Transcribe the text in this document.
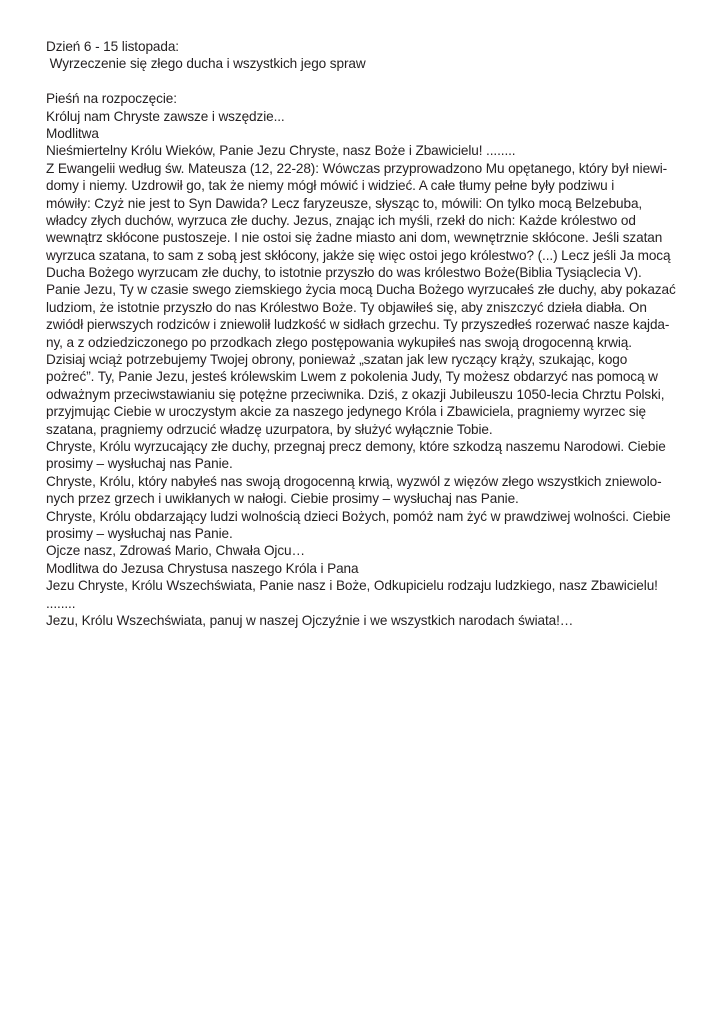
Dzień 6 - 15 listopada:
Wyrzeczenie się złego ducha i wszystkich jego spraw
Pieśń na rozpoczęcie:
Króluj nam Chryste zawsze i wszędzie...
Modlitwa
Nieśmiertelny Królu Wieków, Panie Jezu Chryste, nasz Boże i Zbawicielu! ........
Z Ewangelii według św. Mateusza (12, 22-28): Wówczas przyprowadzono Mu opętanego, który był niewi-
domy i niemy. Uzdrowił go, tak że niemy mógł mówić i widzieć. A całe tłumy pełne były podziwu i
mówiły: Czyż nie jest to Syn Dawida? Lecz faryzeusze, słysząc to, mówili: On tylko mocą Belzebuba,
władcy złych duchów, wyrzuca złe duchy. Jezus, znając ich myśli, rzekł do nich: Każde królestwo od
wewnątrz skłócone pustoszeje. I nie ostoi się żadne miasto ani dom, wewnętrznie skłócone. Jeśli szatan
wyrzuca szatana, to sam z sobą jest skłócony, jakże się więc ostoi jego królestwo? (...) Lecz jeśli Ja mocą
Ducha Bożego wyrzucam złe duchy, to istotnie przyszło do was królestwo Boże(Biblia Tysiąclecia V).
Panie Jezu, Ty w czasie swego ziemskiego życia mocą Ducha Bożego wyrzucałeś złe duchy, aby pokazać
ludziom, że istotnie przyszło do nas Królestwo Boże. Ty objawiłeś się, aby zniszczyć dzieła diabła. On
zwiódł pierwszych rodziców i zniewolił ludzkość w sidłach grzechu. Ty przyszedłeś rozerwać nasze kajda-
ny, a z odziedziczonego po przodkach złego postępowania wykupiłeś nas swoją drogocenną krwią.
Dzisiaj wciąż potrzebujemy Twojej obrony, ponieważ „szatan jak lew ryczący krąży, szukając, kogo
pożreć”. Ty, Panie Jezu, jesteś królewskim Lwem z pokolenia Judy, Ty możesz obdarzyć nas pomocą w
odważnym przeciwstawianiu się potężne przeciwnika. Dziś, z okazji Jubileuszu 1050-lecia Chrztu Polski,
przyjmując Ciebie w uroczystym akcie za naszego jedynego Króla i Zbawiciela, pragniemy wyrzec się
szatana, pragniemy odrzucić władzę uzurpatora, by służyć wyłącznie Tobie.
Chryste, Królu wyrzucający złe duchy, przegnaj precz demony, które szkodzą naszemu Narodowi. Ciebie
prosimy – wysłuchaj nas Panie.
Chryste, Królu, który nabyłeś nas swoją drogocenną krwią, wyzwól z więzów złego wszystkich zniewolo-
nych przez grzech i uwikłanych w nałogi. Ciebie prosimy – wysłuchaj nas Panie.
Chryste, Królu obdarzający ludzi wolnością dzieci Bożych, pomóż nam żyć w prawdziwej wolności. Ciebie
prosimy – wysłuchaj nas Panie.
Ojcze nasz, Zdrowaś Mario, Chwała Ojcu…
Modlitwa do Jezusa Chrystusa naszego Króla i Pana
Jezu Chryste, Królu Wszechświata, Panie nasz i Boże, Odkupicielu rodzaju ludzkiego, nasz Zbawicielu!
........
Jezu, Królu Wszechświata, panuj w naszej Ojczyźnie i we wszystkich narodach świata!…
